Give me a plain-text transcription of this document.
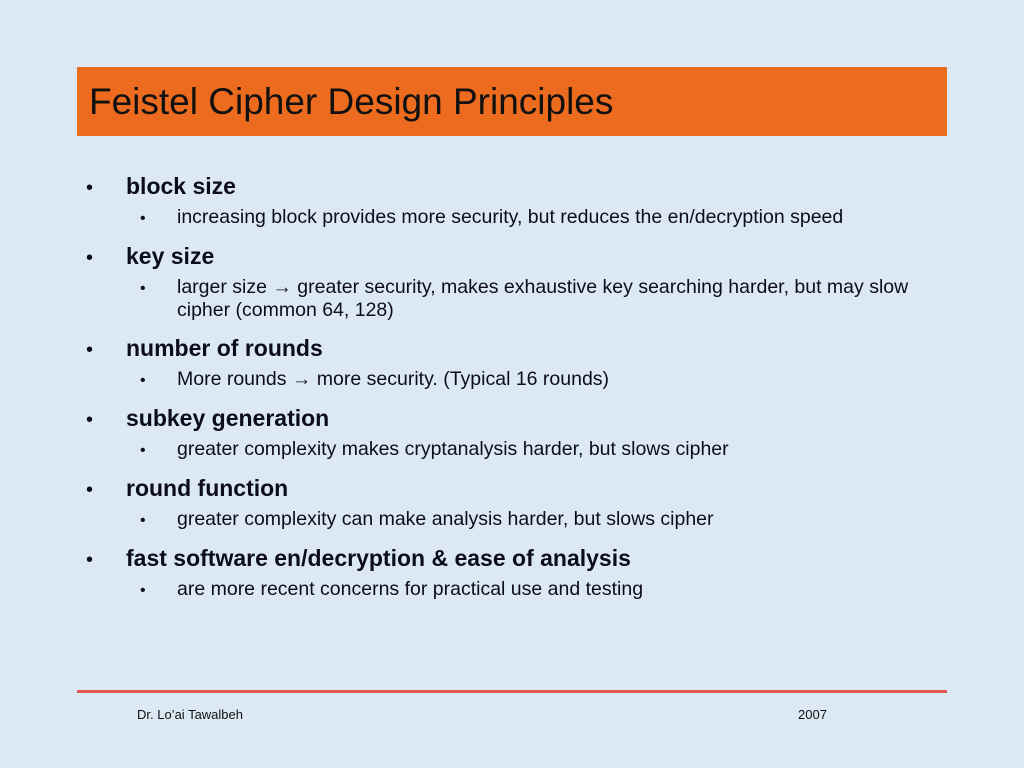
Feistel Cipher Design Principles
•	block size
•	increasing block provides more security, but reduces the en/decryption speed
•	key size
•	larger size → greater security, makes exhaustive key searching harder, but may slow cipher (common 64, 128)
•	number of rounds
•	More rounds → more security. (Typical 16 rounds)
•	subkey generation
•	greater complexity makes cryptanalysis harder, but slows cipher
•	round function
•	greater complexity can make analysis harder, but slows cipher
•	fast software en/decryption & ease of analysis
•	are more recent concerns for practical use and testing
Dr. Lo’ai Tawalbeh	2007
